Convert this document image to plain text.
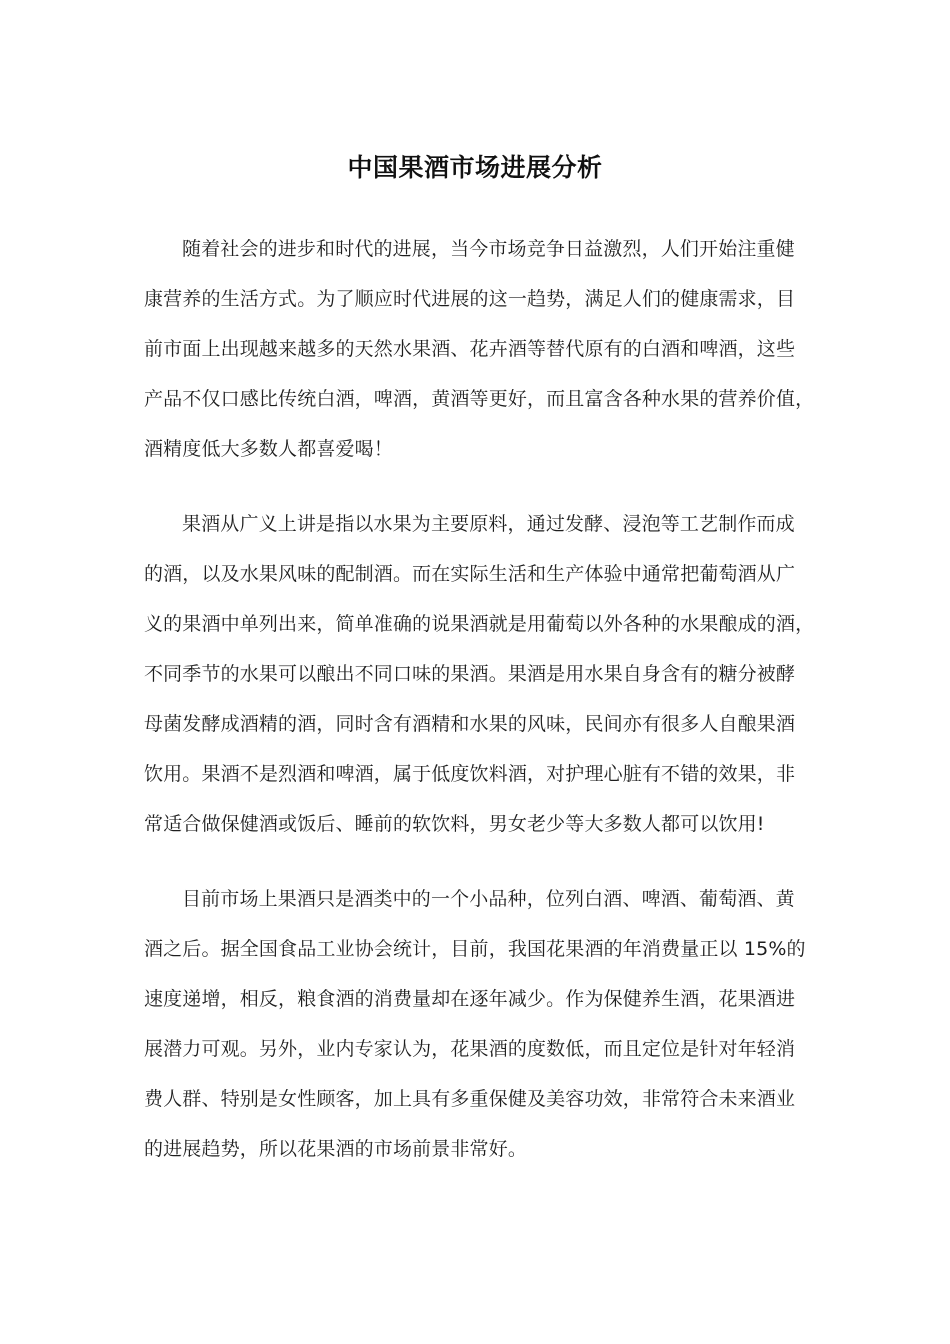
中国果酒市场进展分析
随着社会的进步和时代的进展，当今市场竞争日益激烈，人们开始注重健
康营养的生活方式。为了顺应时代进展的这一趋势，满足人们的健康需求，目
前市面上出现越来越多的天然水果酒、花卉酒等替代原有的白酒和啤酒，这些
产品不仅口感比传统白酒，啤酒，黄酒等更好，而且富含各种水果的营养价值，
酒精度低大多数人都喜爱喝！
果酒从广义上讲是指以水果为主要原料，通过发酵、浸泡等工艺制作而成
的酒，以及水果风味的配制酒。而在实际生活和生产体验中通常把葡萄酒从广
义的果酒中单列出来，简单准确的说果酒就是用葡萄以外各种的水果酿成的酒，
不同季节的水果可以酿出不同口味的果酒。果酒是用水果自身含有的糖分被酵
母菌发酵成酒精的酒，同时含有酒精和水果的风味，民间亦有很多人自酿果酒
饮用。果酒不是烈酒和啤酒，属于低度饮料酒，对护理心脏有不错的效果，非
常适合做保健酒或饭后、睡前的软饮料，男女老少等大多数人都可以饮用!
目前市场上果酒只是酒类中的一个小品种，位列白酒、啤酒、葡萄酒、黄
酒之后。据全国食品工业协会统计，目前，我国花果酒的年消费量正以 15%的
速度递增，相反，粮食酒的消费量却在逐年减少。作为保健养生酒，花果酒进
展潜力可观。另外，业内专家认为，花果酒的度数低，而且定位是针对年轻消
费人群、特别是女性顾客，加上具有多重保健及美容功效，非常符合未来酒业
的进展趋势，所以花果酒的市场前景非常好。
